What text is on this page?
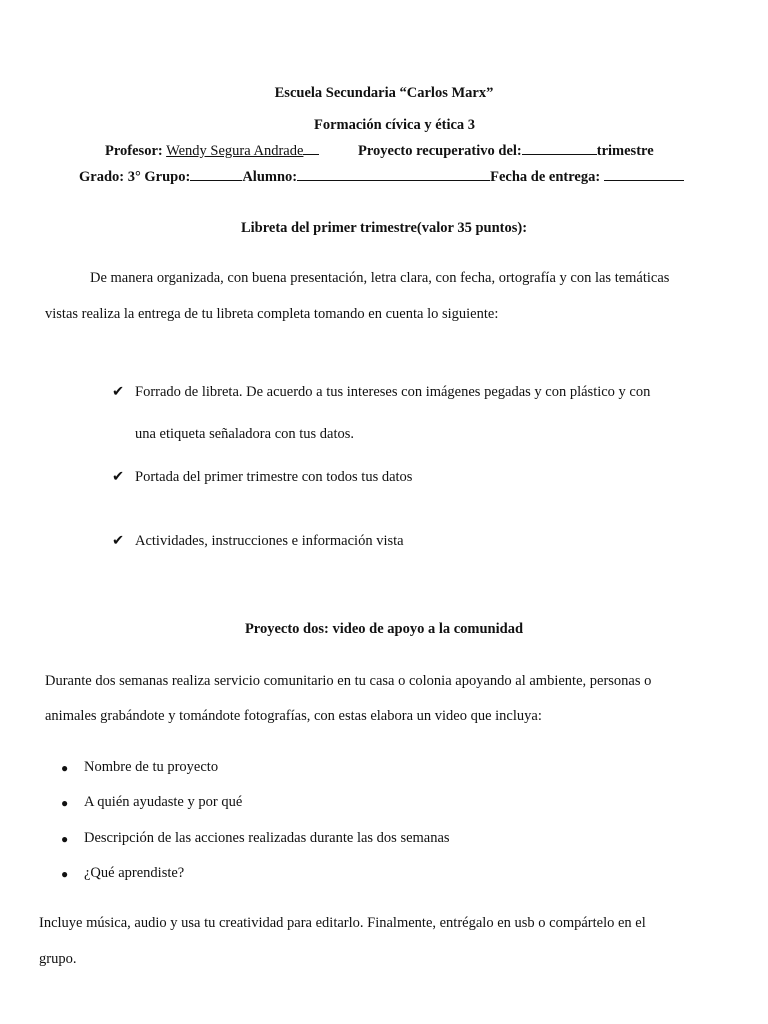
Escuela Secundaria “Carlos Marx”
Formación cívica y ética 3
Profesor: Wendy Segura Andrade	Proyecto recuperativo del:	trimestre
Grado: 3° Grupo:	Alumno:	Fecha de entrega:
Libreta del primer trimestre(valor 35 puntos):
De manera organizada, con buena presentación, letra clara, con fecha, ortografía y con las temáticas
vistas realiza la entrega de tu libreta completa tomando en cuenta lo siguiente:
✔ Forrado de libreta. De acuerdo a tus intereses con imágenes pegadas y con plástico y con
una etiqueta señaladora con tus datos.
✔ Portada del primer trimestre con todos tus datos
✔ Actividades, instrucciones e información vista
Proyecto dos: video de apoyo a la comunidad
Durante dos semanas realiza servicio comunitario en tu casa o colonia apoyando al ambiente, personas o
animales grabándote y tomándote fotografías, con estas elabora un video que incluya:
● Nombre de tu proyecto
● A quién ayudaste y por qué
● Descripción de las acciones realizadas durante las dos semanas
● ¿Qué aprendiste?
Incluye música, audio y usa tu creatividad para editarlo. Finalmente, entrégalo en usb o compártelo en el
grupo.
